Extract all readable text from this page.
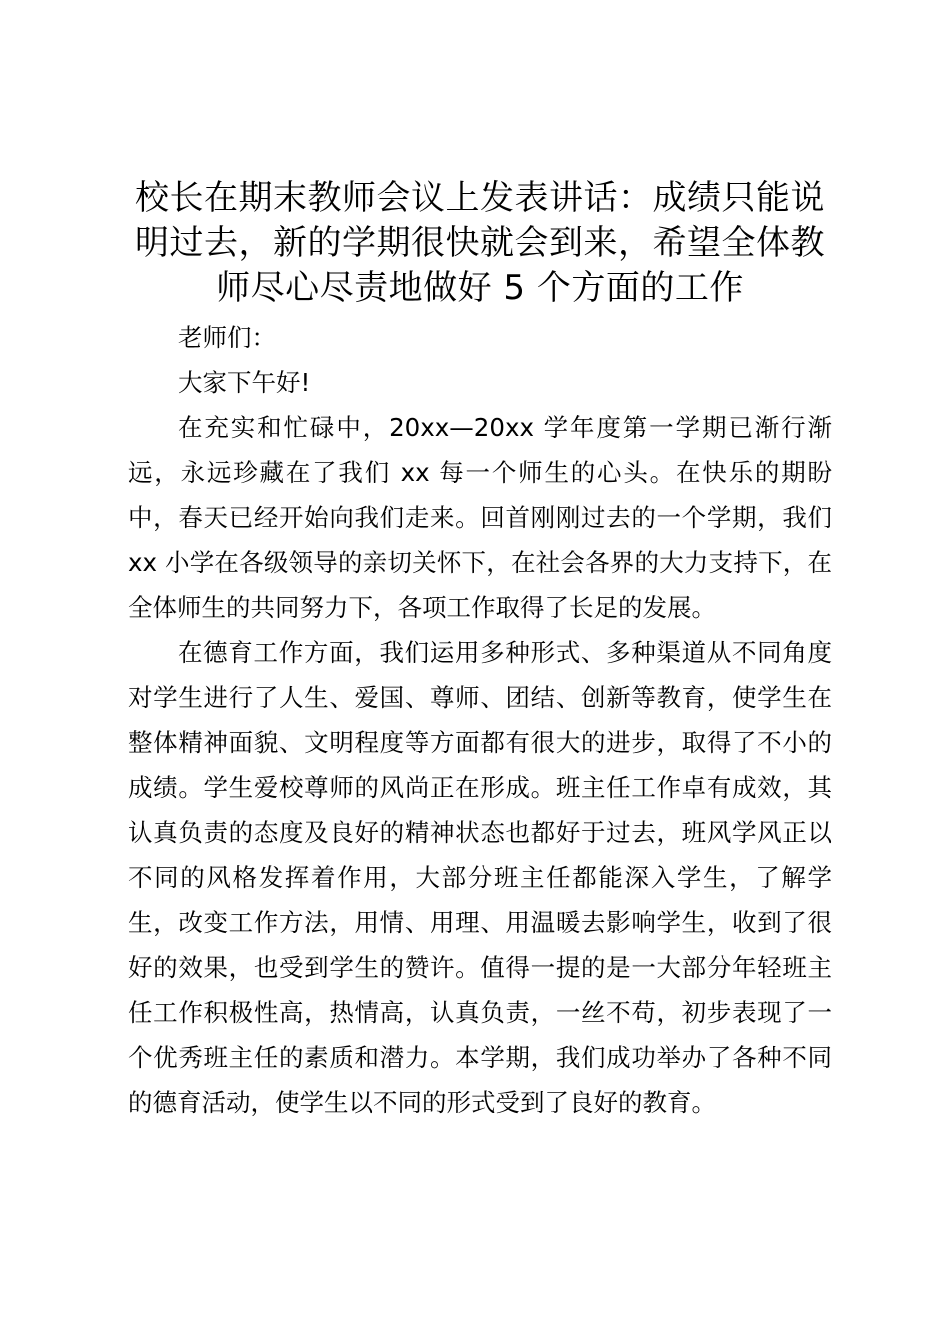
校长在期末教师会议上发表讲话：成绩只能说
明过去，新的学期很快就会到来，希望全体教
师尽心尽责地做好 5 个方面的工作

老师们：

大家下午好!

在充实和忙碌中，20xx—20xx 学年度第一学期已渐行渐远，永远珍藏在了我们 xx 每一个师生的心头。在快乐的期盼中，春天已经开始向我们走来。回首刚刚过去的一个学期，我们 xx 小学在各级领导的亲切关怀下，在社会各界的大力支持下，在全体师生的共同努力下，各项工作取得了长足的发展。

在德育工作方面，我们运用多种形式、多种渠道从不同角度对学生进行了人生、爱国、尊师、团结、创新等教育，使学生在整体精神面貌、文明程度等方面都有很大的进步，取得了不小的成绩。学生爱校尊师的风尚正在形成。班主任工作卓有成效，其认真负责的态度及良好的精神状态也都好于过去，班风学风正以不同的风格发挥着作用，大部分班主任都能深入学生，了解学生，改变工作方法，用情、用理、用温暖去影响学生，收到了很好的效果，也受到学生的赞许。值得一提的是一大部分年轻班主任工作积极性高，热情高，认真负责，一丝不苟，初步表现了一个优秀班主任的素质和潜力。本学期，我们成功举办了各种不同的德育活动，使学生以不同的形式受到了良好的教育。
